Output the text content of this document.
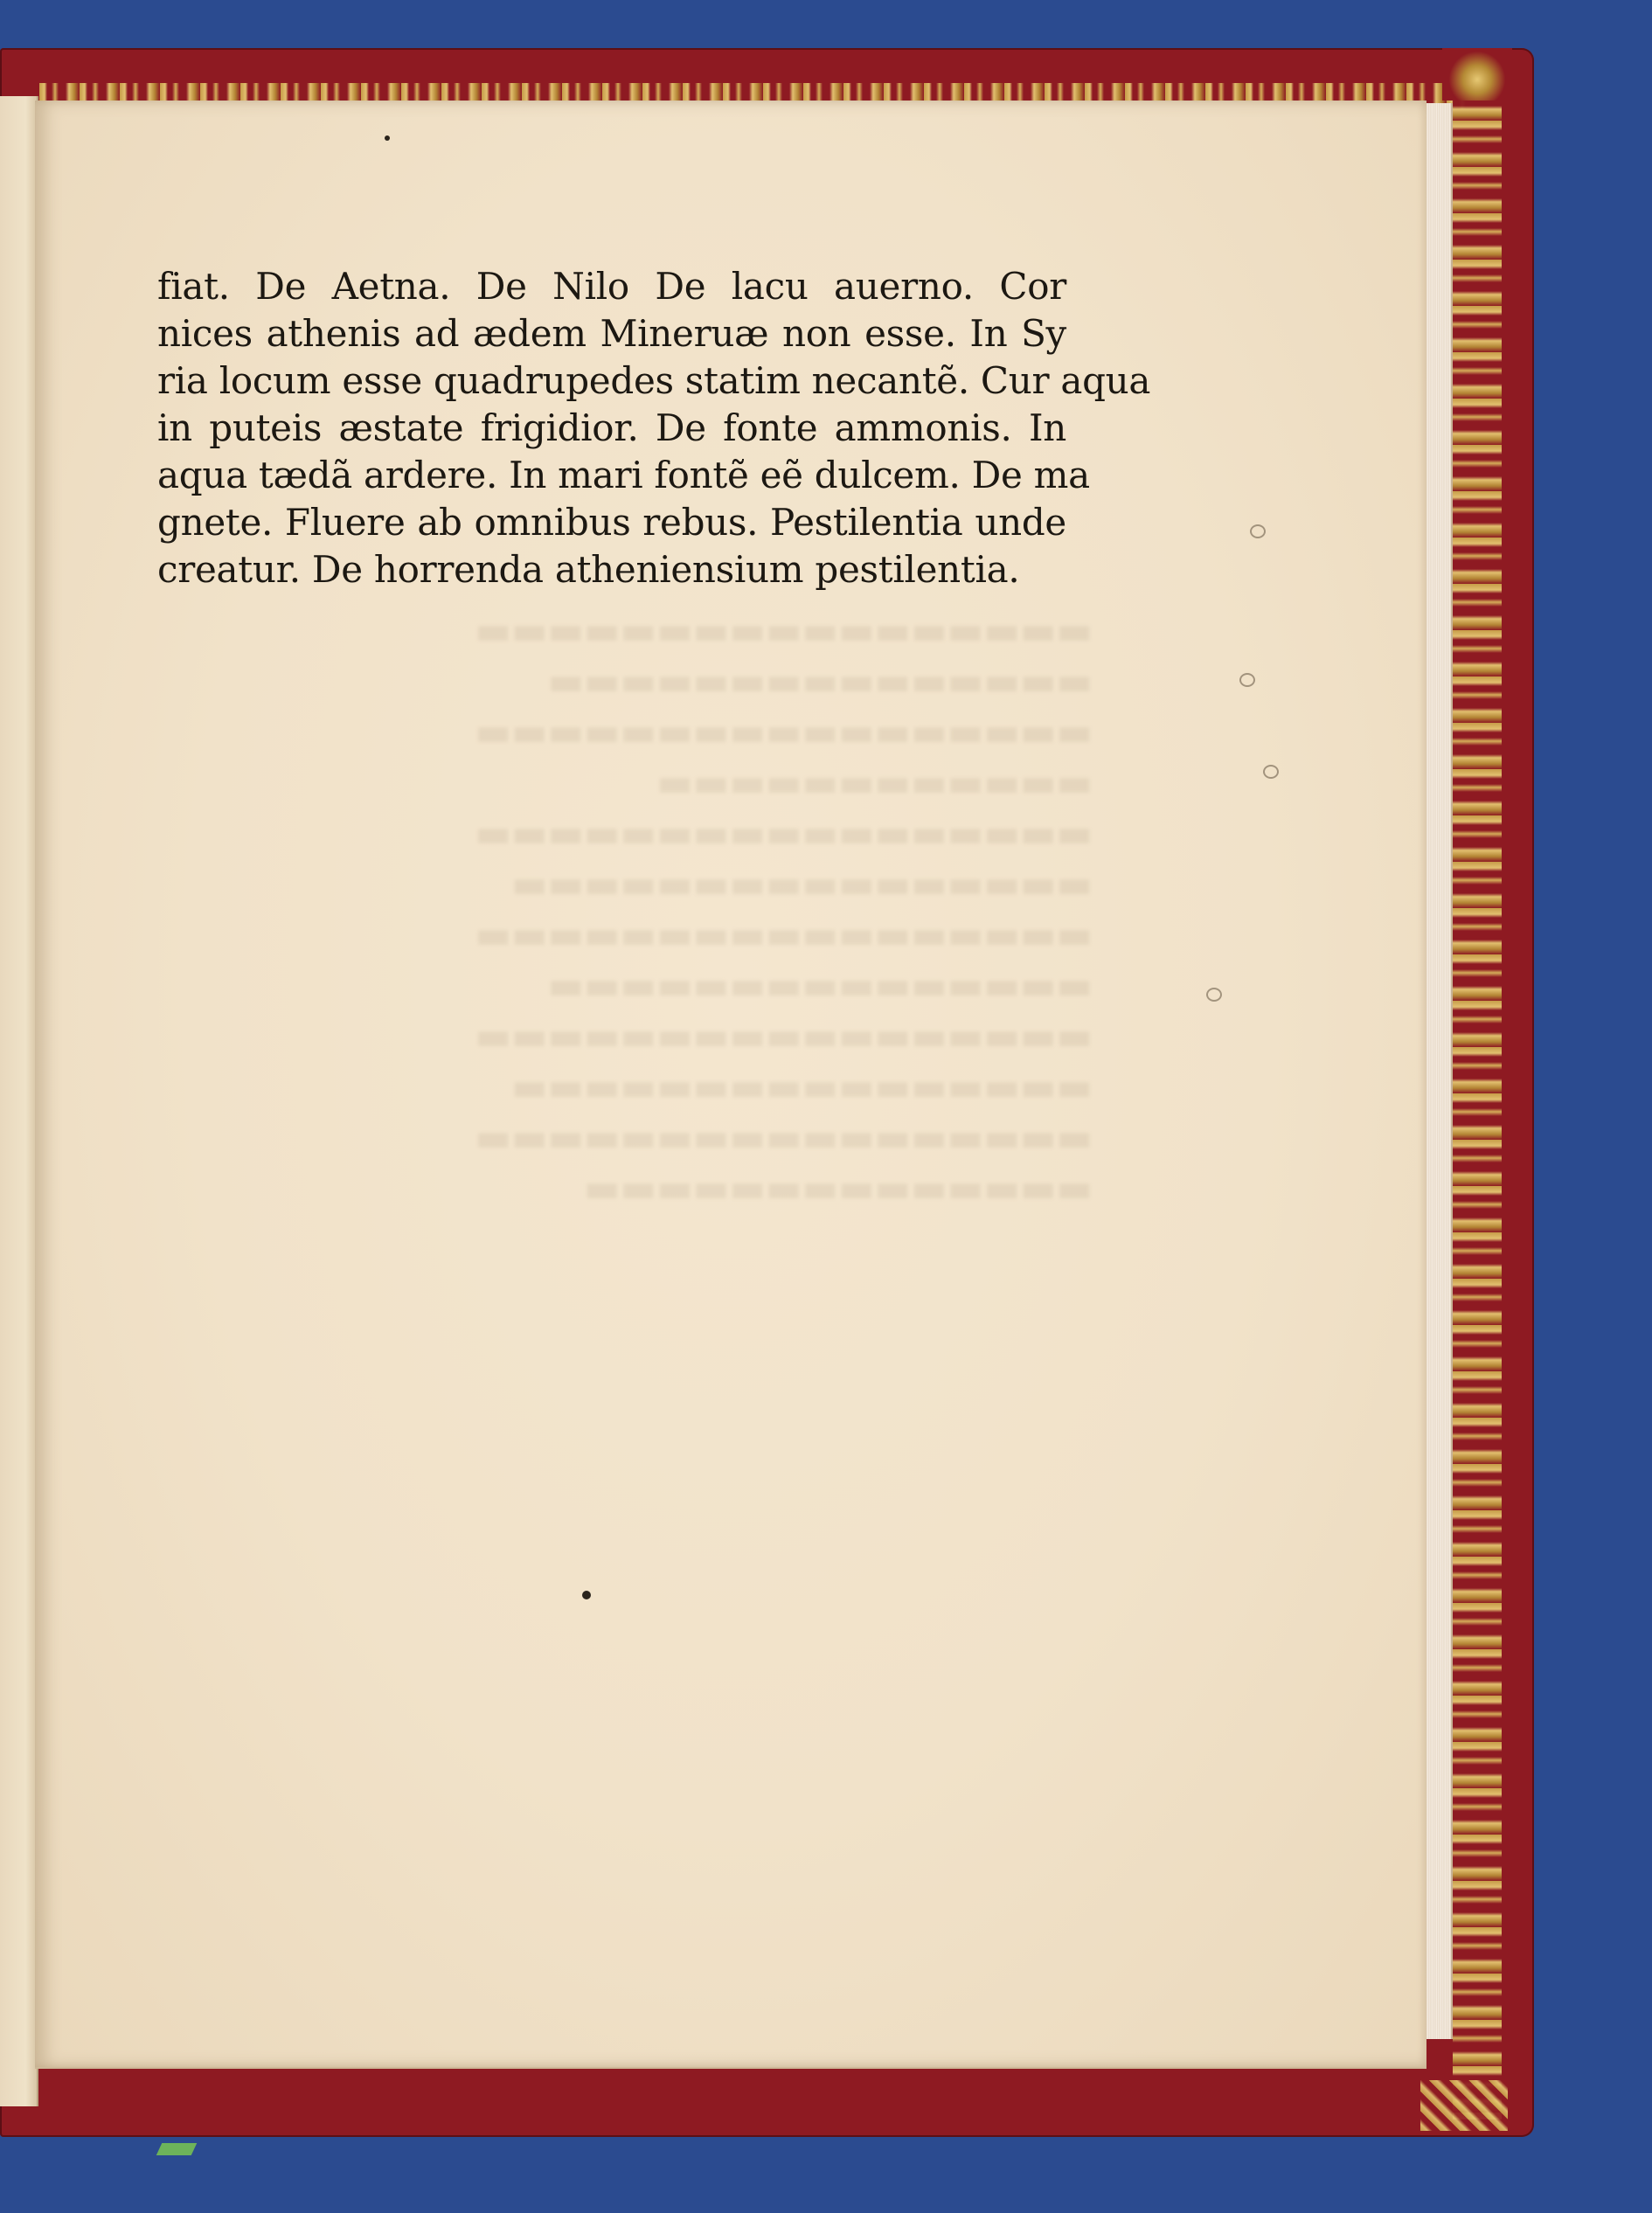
▬▬▬▬▬▬▬▬▬▬▬▬▬▬▬▬▬
▬▬▬▬▬▬▬▬▬▬▬▬▬▬▬
▬▬▬▬▬▬▬▬▬▬▬▬▬▬▬▬▬
▬▬▬▬▬▬▬▬▬▬▬▬
▬▬▬▬▬▬▬▬▬▬▬▬▬▬▬▬▬
▬▬▬▬▬▬▬▬▬▬▬▬▬▬▬▬
▬▬▬▬▬▬▬▬▬▬▬▬▬▬▬▬▬
▬▬▬▬▬▬▬▬▬▬▬▬▬▬▬
▬▬▬▬▬▬▬▬▬▬▬▬▬▬▬▬▬
▬▬▬▬▬▬▬▬▬▬▬▬▬▬▬▬
▬▬▬▬▬▬▬▬▬▬▬▬▬▬▬▬▬
▬▬▬▬▬▬▬▬▬▬▬▬▬▬

fiat. De Aetna. De Nilo De lacu auerno. Cor
nices athenis ad ædem Mineruæ non esse. In Sy
ria locum esse quadrupedes statim necantẽ. Cur aqua
in puteis æstate frigidior. De fonte ammonis. In
aqua tædã ardere. In mari fontẽ eẽ dulcem. De ma
gnete. Fluere ab omnibus rebus. Pestilentia unde
creatur. De horrenda atheniensium pestilentia.
